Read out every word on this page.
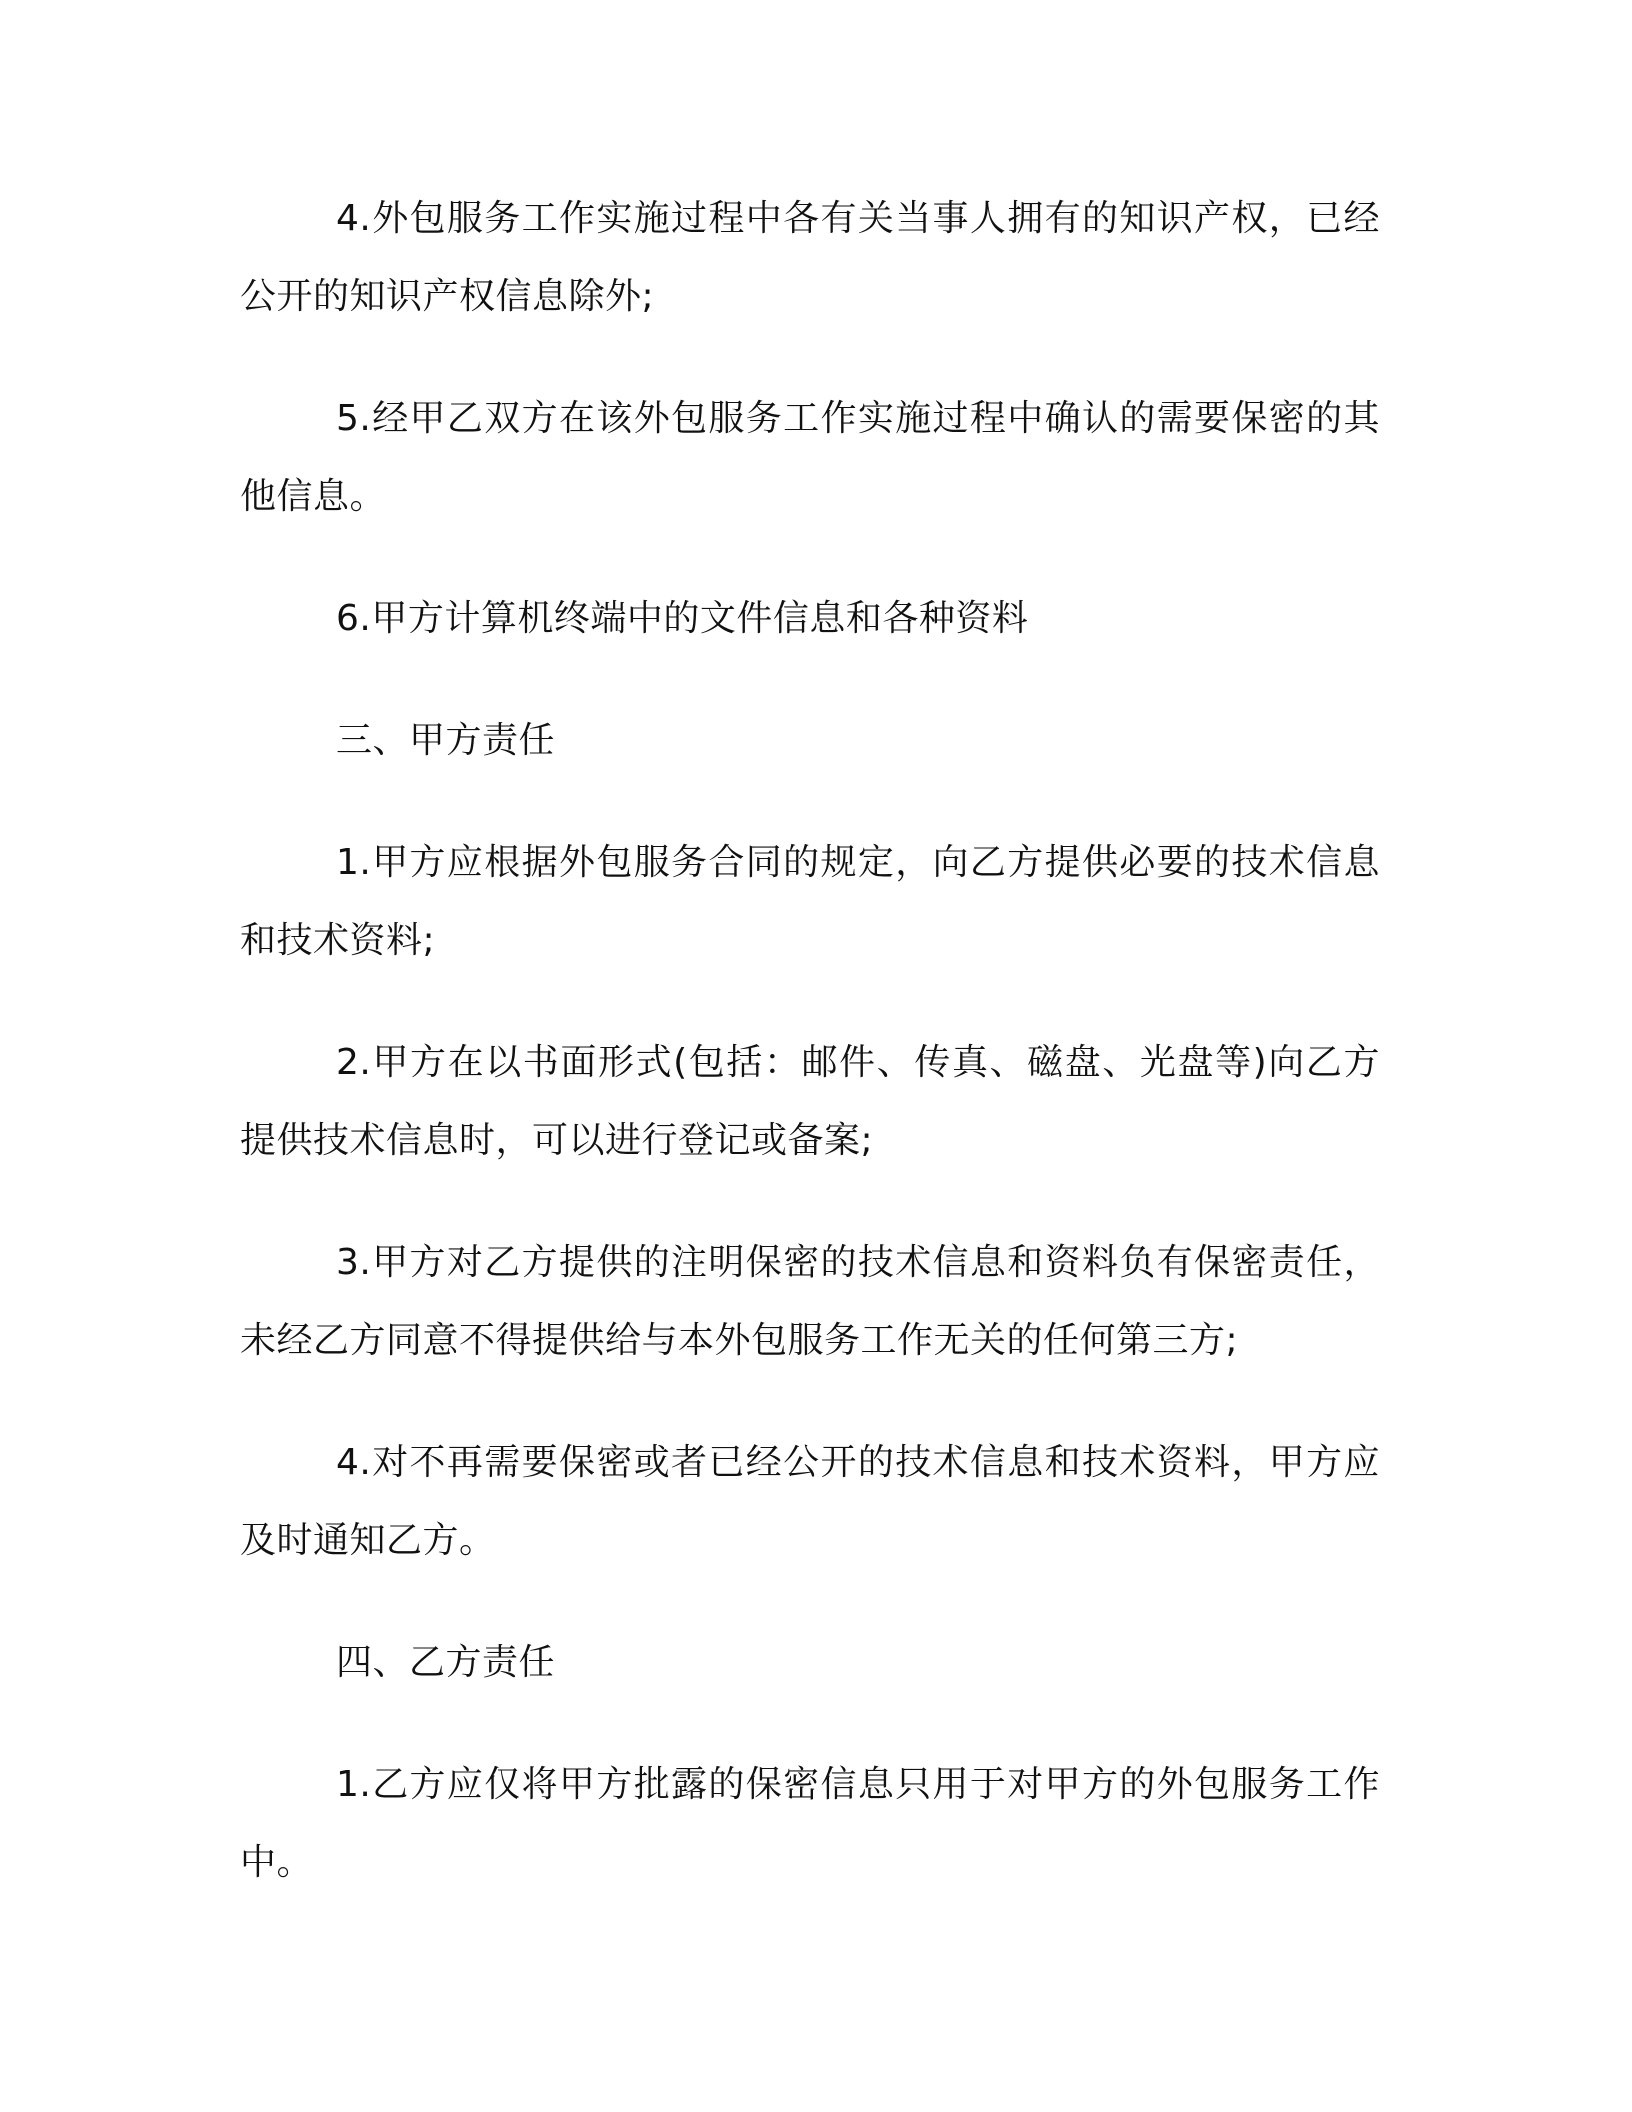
4.外包服务工作实施过程中各有关当事人拥有的知识产权，已经公开的知识产权信息除外;

5.经甲乙双方在该外包服务工作实施过程中确认的需要保密的其他信息。

6.甲方计算机终端中的文件信息和各种资料

三、甲方责任

1.甲方应根据外包服务合同的规定，向乙方提供必要的技术信息和技术资料;

2.甲方在以书面形式(包括：邮件、传真、磁盘、光盘等)向乙方提供技术信息时，可以进行登记或备案;

3.甲方对乙方提供的注明保密的技术信息和资料负有保密责任，未经乙方同意不得提供给与本外包服务工作无关的任何第三方;

4.对不再需要保密或者已经公开的技术信息和技术资料，甲方应及时通知乙方。

四、乙方责任

1.乙方应仅将甲方批露的保密信息只用于对甲方的外包服务工作中。
